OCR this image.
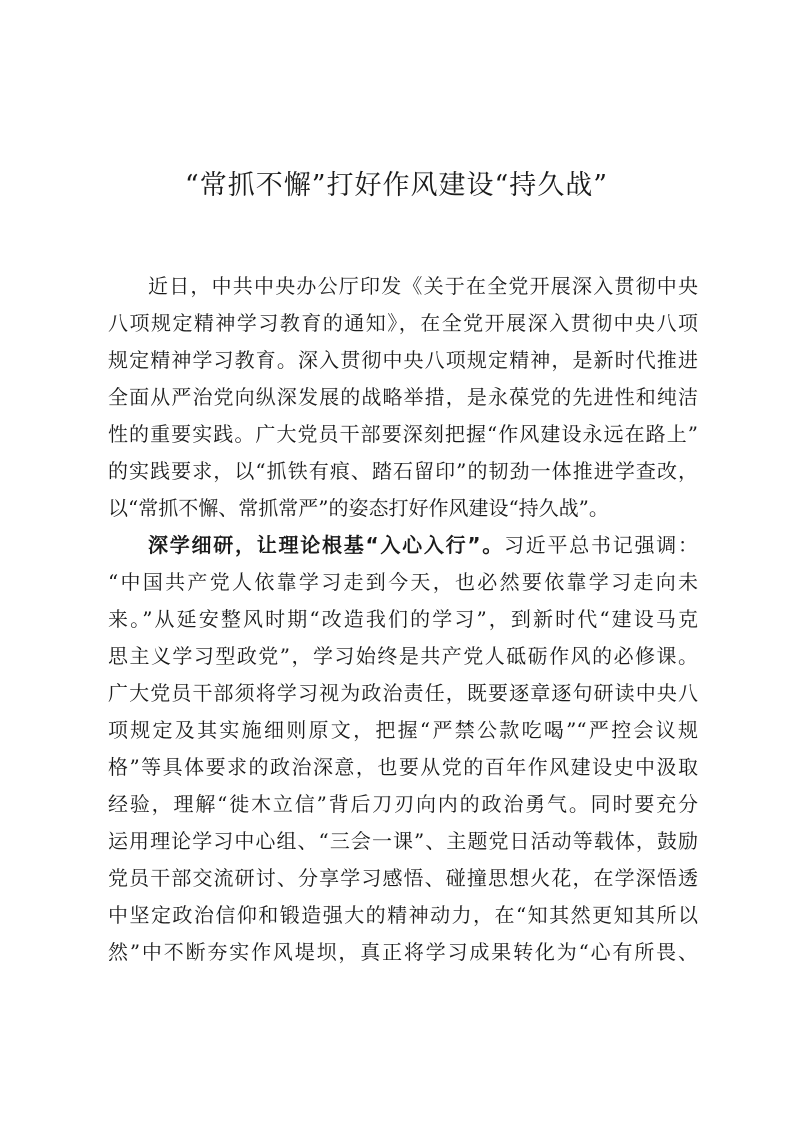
“常抓不懈”打好作风建设“持久战”
近日，中共中央办公厅印发《关于在全党开展深入贯彻中央
八项规定精神学习教育的通知》，在全党开展深入贯彻中央八项
规定精神学习教育。深入贯彻中央八项规定精神，是新时代推进
全面从严治党向纵深发展的战略举措，是永葆党的先进性和纯洁
性的重要实践。广大党员干部要深刻把握“作风建设永远在路上”
的实践要求，以“抓铁有痕、踏石留印”的韧劲一体推进学查改，
以“常抓不懈、常抓常严”的姿态打好作风建设“持久战”。
深学细研，让理论根基“入心入行”。习近平总书记强调：
“中国共产党人依靠学习走到今天，也必然要依靠学习走向未
来。”从延安整风时期“改造我们的学习”，到新时代“建设马克
思主义学习型政党”，学习始终是共产党人砥砺作风的必修课。
广大党员干部须将学习视为政治责任，既要逐章逐句研读中央八
项规定及其实施细则原文，把握“严禁公款吃喝”“严控会议规
格”等具体要求的政治深意，也要从党的百年作风建设史中汲取
经验，理解“徙木立信”背后刀刃向内的政治勇气。同时要充分
运用理论学习中心组、“三会一课”、主题党日活动等载体，鼓励
党员干部交流研讨、分享学习感悟、碰撞思想火花，在学深悟透
中坚定政治信仰和锻造强大的精神动力，在“知其然更知其所以
然”中不断夯实作风堤坝，真正将学习成果转化为“心有所畏、
